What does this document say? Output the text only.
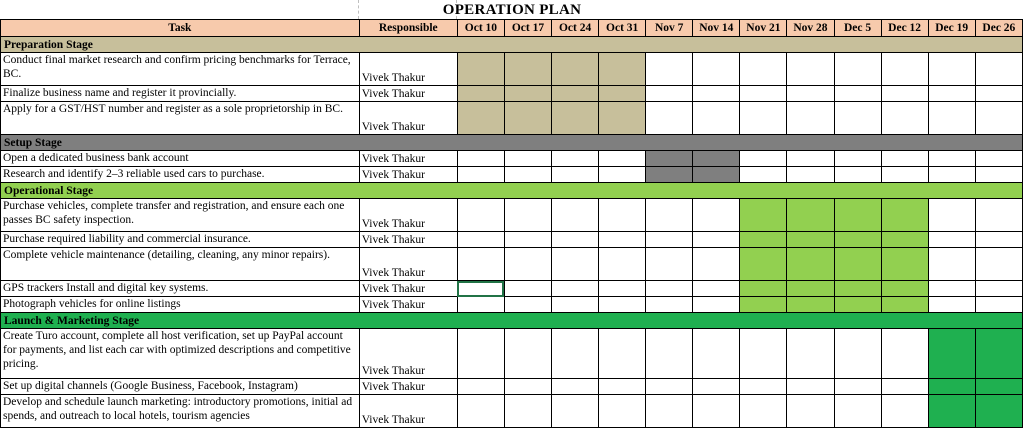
OPERATION PLAN
Task	Responsible	Oct 10	Oct 17	Oct 24	Oct 31	Nov 7	Nov 14	Nov 21	Nov 28	Dec 5	Dec 12	Dec 19	Dec 26
Preparation Stage													
Conduct final market research and confirm pricing benchmarks for Terrace, BC.	Vivek Thakur												
Finalize business name and register it provincially.	Vivek Thakur												
Apply for a GST/HST number and register as a sole proprietorship in BC.	Vivek Thakur												
Setup Stage													
Open a dedicated business bank account	Vivek Thakur												
Research and identify 2–3 reliable used cars to purchase.	Vivek Thakur												
Operational Stage													
Purchase vehicles, complete transfer and registration, and ensure each one passes BC safety inspection.	Vivek Thakur												
Purchase required liability and commercial insurance.	Vivek Thakur												
Complete vehicle maintenance (detailing, cleaning, any minor repairs).	Vivek Thakur												
GPS trackers Install and digital key systems.	Vivek Thakur												
Photograph vehicles for online listings	Vivek Thakur												
Launch & Marketing Stage													
Create Turo account, complete all host verification, set up PayPal account for payments, and list each car with optimized descriptions and competitive pricing.	Vivek Thakur												
Set up digital channels (Google Business, Facebook, Instagram)	Vivek Thakur												
Develop and schedule launch marketing: introductory promotions, initial ad spends, and outreach to local hotels, tourism agencies	Vivek Thakur												
